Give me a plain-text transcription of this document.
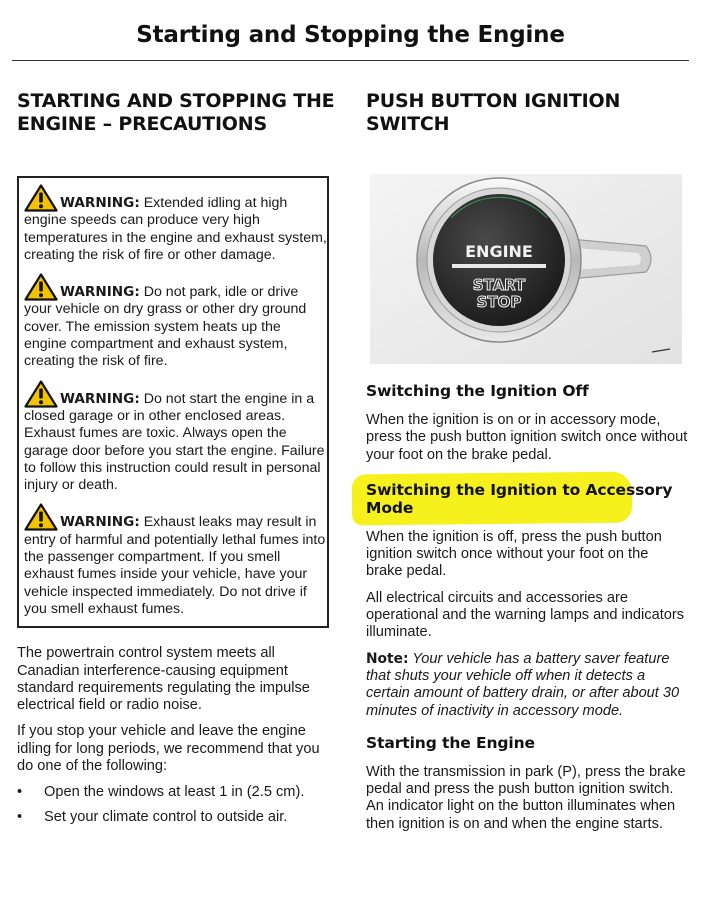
Starting and Stopping the Engine
STARTING AND STOPPING THE ENGINE – PRECAUTIONS

WARNING: Extended idling at high engine speeds can produce very high temperatures in the engine and exhaust system, creating the risk of fire or other damage.

WARNING: Do not park, idle or drive your vehicle on dry grass or other dry ground cover. The emission system heats up the engine compartment and exhaust system, creating the risk of fire.

WARNING: Do not start the engine in a closed garage or in other enclosed areas. Exhaust fumes are toxic. Always open the garage door before you start the engine. Failure to follow this instruction could result in personal injury or death.

WARNING: Exhaust leaks may result in entry of harmful and potentially lethal fumes into the passenger compartment. If you smell exhaust fumes inside your vehicle, have your vehicle inspected immediately. Do not drive if you smell exhaust fumes.

The powertrain control system meets all Canadian interference-causing equipment standard requirements regulating the impulse electrical field or radio noise.

If you stop your vehicle and leave the engine idling for long periods, we recommend that you do one of the following:

• Open the windows at least 1 in (2.5 cm).
• Set your climate control to outside air.
PUSH BUTTON IGNITION SWITCH
ENGINE
START
STOP
Switching the Ignition Off

When the ignition is on or in accessory mode, press the push button ignition switch once without your foot on the brake pedal.

Switching the Ignition to Accessory Mode

When the ignition is off, press the push button ignition switch once without your foot on the brake pedal.

All electrical circuits and accessories are operational and the warning lamps and indicators illuminate.

Note: Your vehicle has a battery saver feature that shuts your vehicle off when it detects a certain amount of battery drain, or after about 30 minutes of inactivity in accessory mode.

Starting the Engine

With the transmission in park (P), press the brake pedal and press the push button ignition switch. An indicator light on the button illuminates when then ignition is on and when the engine starts.
